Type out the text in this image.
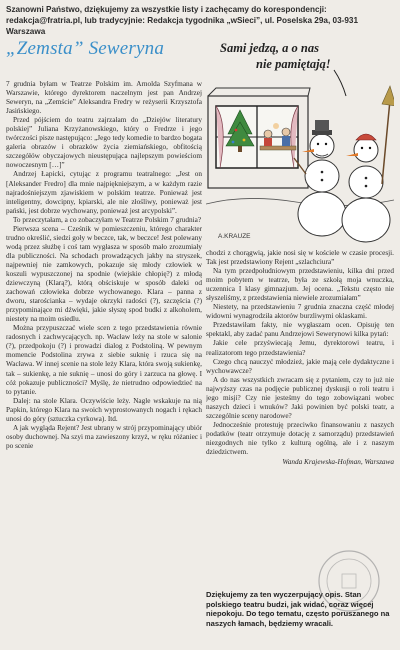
Szanowni Państwo, dziękujemy za wszystkie listy i zachęcamy do korespondencji:
redakcja@fratria.pl, lub tradycyjnie: Redakcja tygodnika „wSieci”, ul. Poselska 29a, 03-931 Warszawa
„Zemsta” Seweryna	Sami jedzą, a o nas
nie pamiętają!
A.KRAUZE

7 grudnia byłam w Teatrze Polskim im. Arnolda Szyfmana w Warszawie, którego dyrektorem naczelnym jest pan Andrzej Seweryn, na „Zemście” Aleksandra Fredry w reżyserii Krzysztofa Jasińskiego.

Przed pójściem do teatru zajrzałam do „Dziejów literatury polskiej” Juliana Krzyżanowskiego, który o Fredrze i jego twórczości pisze następująco: „Jego tedy komedie to bardzo bogata galeria obrazów i obrazków życia ziemiańskiego, obfitością szczegółów obyczajowych nieustępująca najlepszym powieściom nowoczesnym […]”

Andrzej Łapicki, cytując z programu teatralnego: „Jest on [Aleksander Fredro] dla mnie najpiękniejszym, a w każdym razie najradośniejszym zjawiskiem w polskim teatrze. Ponieważ jest inteligentny, dowcipny, kpiarski, ale nie złośliwy, ponieważ jest pański, jest dobrze wychowany, ponieważ jest arcypolski”.

To przeczytałam, a co zobaczyłam w Teatrze Polskim 7 grudnia?

Pierwsza scena – Cześnik w pomieszczeniu, którego charakter trudno określić, siedzi goły w beczce, tak, w beczce! Jest polewany wodą przez służbę i coś tam wygłasza w sposób mało zrozumiały dla publiczności. Na schodach prowadzących jakby na stryszek, najpewniej nie zamkowych, pokazuje się młody człowiek w koszuli wypuszczonej na spodnie (wiejskie chłopię?) z młodą dziewczyną (Klarą?), którą obściskuje w sposób daleki od zachowań człowieka dobrze wychowanego. Klara – panna z dworu, starościanka – wydaje okrzyki radości (?), szczęścia (?) przypominające mi dźwięki, jakie słyszę spod budki z alkoholem, niestety na moim osiedlu.

Można przypuszczać wiele scen z tego przedstawienia równie radosnych i zachwycających. np. Wacław leży na stole w salonie (?), przedpokoju (?) i prowadzi dialog z Podstoliną. W pewnym momencie Podstolina zrywa z siebie suknię i rzuca się na Wacława. W innej scenie na stole leży Klara, która swoją sukienkę, tak – sukienkę, a nie suknię – unosi do góry i zarzuca na głowę. I cóż pokazuje publiczności? Myślę, że nietrudno odpowiedzieć na to pytanie.

Dalej: na stole Klara. Oczywiście leży. Nagle wskakuje na nią Papkin, którego Klara na swoich wyprostowanych nogach i rękach unosi do góry (sztuczka cyrkowa). Itd.

A jak wygląda Rejent? Jest ubrany w strój przypominający ubiór osoby duchownej. Na szyi ma zawieszony krzyż, w ręku różaniec i po scenie

chodzi z chorągwią, jakie nosi się w kościele w czasie procesji. Tak jest przedstawiony Rejent „szlachciura”

Na tym przedpołudniowym przedstawieniu, kilka dni przed moim pobytem w teatrze, była ze szkołą moja wnuczka, uczennica I klasy gimnazjum. Jej ocena. „Tekstu często nie słyszeliśmy, z przedstawienia niewiele zrozumiałam”

Niestety, na przedstawieniu 7 grudnia znaczna część młodej widowni wynagrodziła aktorów burzliwymi oklaskami.

Przedstawiłam fakty, nie wygłaszam ocen. Opisuję ten spektakl, aby zadać panu Andrzejowi Sewerynowi kilka pytań:

Jakie cele przyświecają Jemu, dyrektorowi teatru, i realizatorom tego przedstawienia?

Czego chcą nauczyć młodzież, jakie mają cele dydaktyczne i wychowawcze?

A do nas wszystkich zwracam się z pytaniem, czy to już nie najwyższy czas na podjęcie publicznej dyskusji o roli teatru i jego misji? Czy nie jesteśmy do tego zobowiązani wobec naszych dzieci i wnuków? Jaki powinien być polski teatr, a szczególnie sceny narodowe?

Jednocześnie protestuję przeciwko finansowaniu z naszych podatków (teatr otrzymuje dotację z samorządu) przedstawień niezgodnych nie tylko z kulturą ogólną, ale i z naszym dziedzictwem.

Wanda Krajewska-Hofman, Warszawa

Dziękujemy za ten wyczerpujący opis. Stan polskiego teatru budzi, jak widać, coraz więcej niepokoju. Do tego tematu, często poruszanego na naszych łamach, będziemy wracali.
